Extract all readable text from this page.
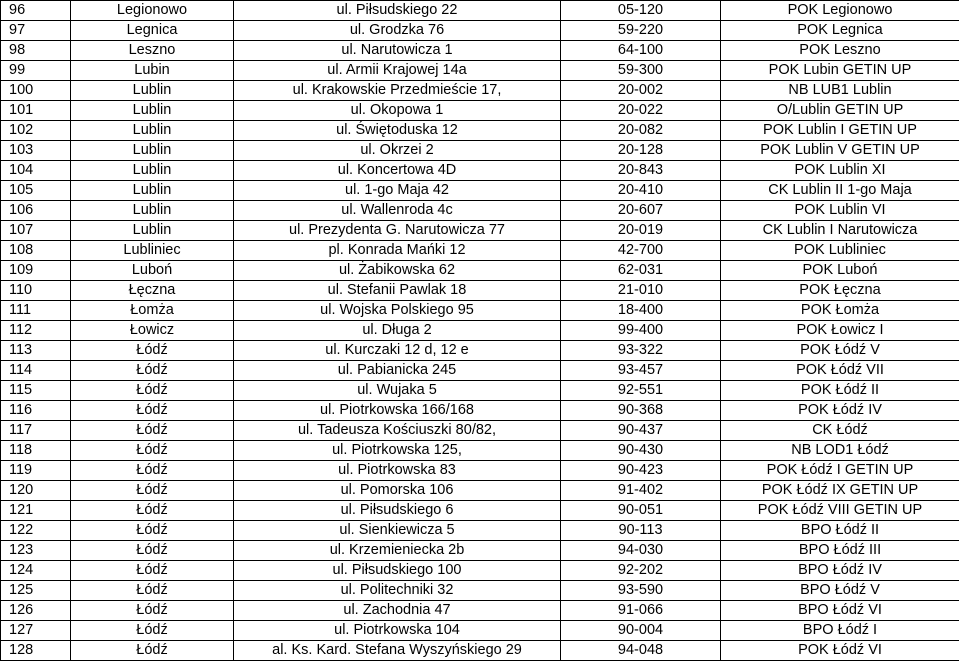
96	Legionowo	ul. Piłsudskiego 22	05-120	POK Legionowo
97	Legnica	ul. Grodzka 76	59-220	POK Legnica
98	Leszno	ul. Narutowicza 1	64-100	POK Leszno
99	Lubin	ul. Armii Krajowej 14a	59-300	POK Lubin GETIN UP
100	Lublin	ul. Krakowskie Przedmieście 17,	20-002	NB LUB1 Lublin
101	Lublin	ul. Okopowa 1	20-022	O/Lublin GETIN UP
102	Lublin	ul. Świętoduska 12	20-082	POK Lublin I GETIN UP
103	Lublin	ul. Okrzei 2	20-128	POK Lublin V GETIN UP
104	Lublin	ul. Koncertowa 4D	20-843	POK Lublin XI
105	Lublin	ul. 1-go Maja 42	20-410	CK Lublin II 1-go Maja
106	Lublin	ul. Wallenroda 4c	20-607	POK Lublin VI
107	Lublin	ul. Prezydenta G. Narutowicza 77	20-019	CK Lublin I Narutowicza
108	Lubliniec	pl. Konrada Mańki 12	42-700	POK Lubliniec
109	Luboń	ul. Żabikowska 62	62-031	POK Luboń
110	Łęczna	ul. Stefanii Pawlak 18	21-010	POK Łęczna
111	Łomża	ul. Wojska Polskiego 95	18-400	POK Łomża
112	Łowicz	ul. Długa 2	99-400	POK Łowicz I
113	Łódź	ul. Kurczaki 12 d, 12 e	93-322	POK Łódź V
114	Łódź	ul. Pabianicka 245	93-457	POK Łódź VII
115	Łódź	ul. Wujaka 5	92-551	POK Łódź II
116	Łódź	ul. Piotrkowska 166/168	90-368	POK Łódź IV
117	Łódź	ul. Tadeusza Kościuszki 80/82,	90-437	CK Łódź
118	Łódź	ul. Piotrkowska 125,	90-430	NB LOD1 Łódź
119	Łódź	ul. Piotrkowska 83	90-423	POK Łódź I GETIN UP
120	Łódź	ul. Pomorska 106	91-402	POK Łódź IX GETIN UP
121	Łódź	ul. Piłsudskiego 6	90-051	POK Łódź VIII GETIN UP
122	Łódź	ul. Sienkiewicza 5	90-113	BPO Łódź II
123	Łódź	ul. Krzemieniecka 2b	94-030	BPO Łódź III
124	Łódź	ul. Piłsudskiego 100	92-202	BPO Łódź IV
125	Łódź	ul. Politechniki 32	93-590	BPO Łódź V
126	Łódź	ul. Zachodnia 47	91-066	BPO Łódź VI
127	Łódź	ul. Piotrkowska 104	90-004	BPO Łódź I
128	Łódź	al. Ks. Kard. Stefana Wyszyńskiego 29	94-048	POK Łódź VI
